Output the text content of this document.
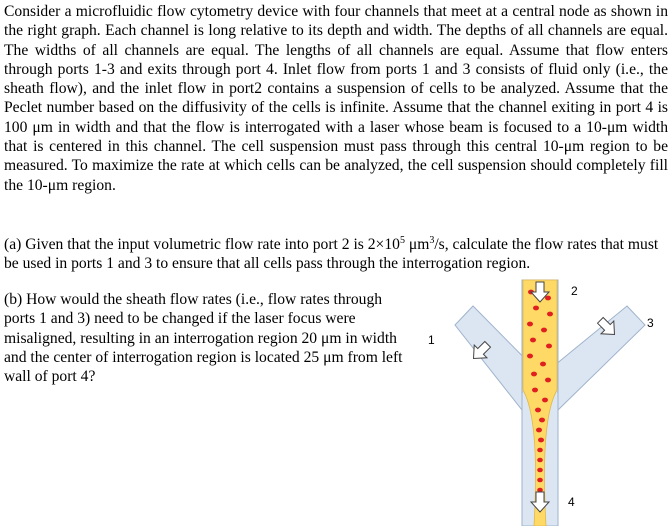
Consider a microfluidic flow cytometry device with four channels that meet at a central node as shown in the right graph. Each channel is long relative to its depth and width. The depths of all channels are equal. The widths of all channels are equal. The lengths of all channels are equal. Assume that flow enters through ports 1-3 and exits through port 4. Inlet flow from ports 1 and 3 consists of fluid only (i.e., the sheath flow), and the inlet flow in port2 contains a suspension of cells to be analyzed. Assume that the Peclet number based on the diffusivity of the cells is infinite. Assume that the channel exiting in port 4 is 100 μm in width and that the flow is interrogated with a laser whose beam is focused to a 10-μm width that is centered in this channel. The cell suspension must pass through this central 10-μm region to be measured. To maximize the rate at which cells can be analyzed, the cell suspension should completely fill the 10-μm region.

(a) Given that the input volumetric flow rate into port 2 is $2\times 10^5$ $\mu m^3/s$, calculate the flow rates that must be used in ports 1 and 3 to ensure that all cells pass through the interrogation region.

(b) How would the sheath flow rates (i.e., flow rates through ports 1 and 3) need to be changed if the laser focus were misaligned, resulting in an interrogation region 20 μm in width and the center of interrogation region is located 25 μm from left wall of port 4?

1
2
3
4
